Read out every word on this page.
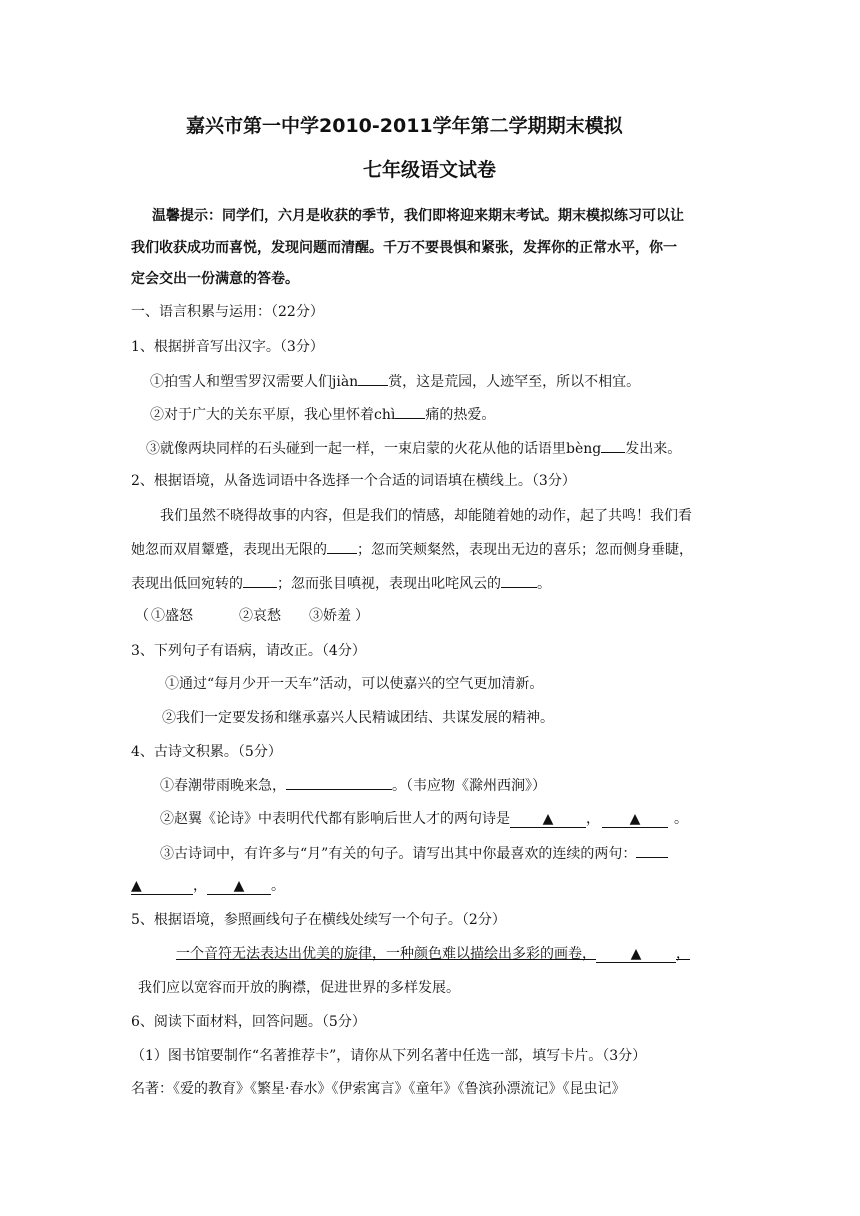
嘉兴市第一中学2010-2011学年第二学期期末模拟
七年级语文试卷
温馨提示：同学们，六月是收获的季节，我们即将迎来期末考试。期末模拟练习可以让
我们收获成功而喜悦，发现问题而清醒。千万不要畏惧和紧张，发挥你的正常水平，你一
定会交出一份满意的答卷。
一、语言积累与运用：（22分）
1、根据拼音写出汉字。（3分）
①拍雪人和塑雪罗汉需要人们jiàn 赏，这是荒园，人迹罕至，所以不相宜。
②对于广大的关东平原，我心里怀着chì 痛的热爱。
③就像两块同样的石头碰到一起一样，一束启蒙的火花从他的话语里bèng 发出来。
2、根据语境，从备选词语中各选择一个合适的词语填在横线上。（3分）
我们虽然不晓得故事的内容，但是我们的情感，却能随着她的动作，起了共鸣！我们看
她忽而双眉颦蹙，表现出无限的 ；忽而笑颊粲然，表现出无边的喜乐；忽而侧身垂睫，
表现出低回宛转的 ；忽而张目嗔视，表现出叱咤风云的	。
（ ①盛怒	②哀愁 ③娇羞 ）
3、下列句子有语病，请改正。（4分）
①通过“每月少开一天车”活动，可以使嘉兴的空气更加清新。
②我们一定要发扬和继承嘉兴人民精诚团结、共谋发展的精神。
4、古诗文积累。（5分）
①春潮带雨晚来急，	。（韦应物《滁州西涧》）
②赵翼《论诗》中表明代代都有影响后世人才的两句诗是 ▲ ， ▲ 。
③古诗词中，有许多与“月”有关的句子。请写出其中你最喜欢的连续的两句：
▲	， ▲ 。
5、根据语境，参照画线句子在横线处续写一个句子。（2分）
一个音符无法表达出优美的旋律，一种颜色难以描绘出多彩的画卷， ▲ ，
我们应以宽容而开放的胸襟，促进世界的多样发展。
6、阅读下面材料，回答问题。（5分）
（1）图书馆要制作“名著推荐卡”，请你从下列名著中任选一部，填写卡片。（3分）
名著：《爱的教育》《繁星·春水》《伊索寓言》《童年》《鲁滨孙漂流记》《昆虫记》
